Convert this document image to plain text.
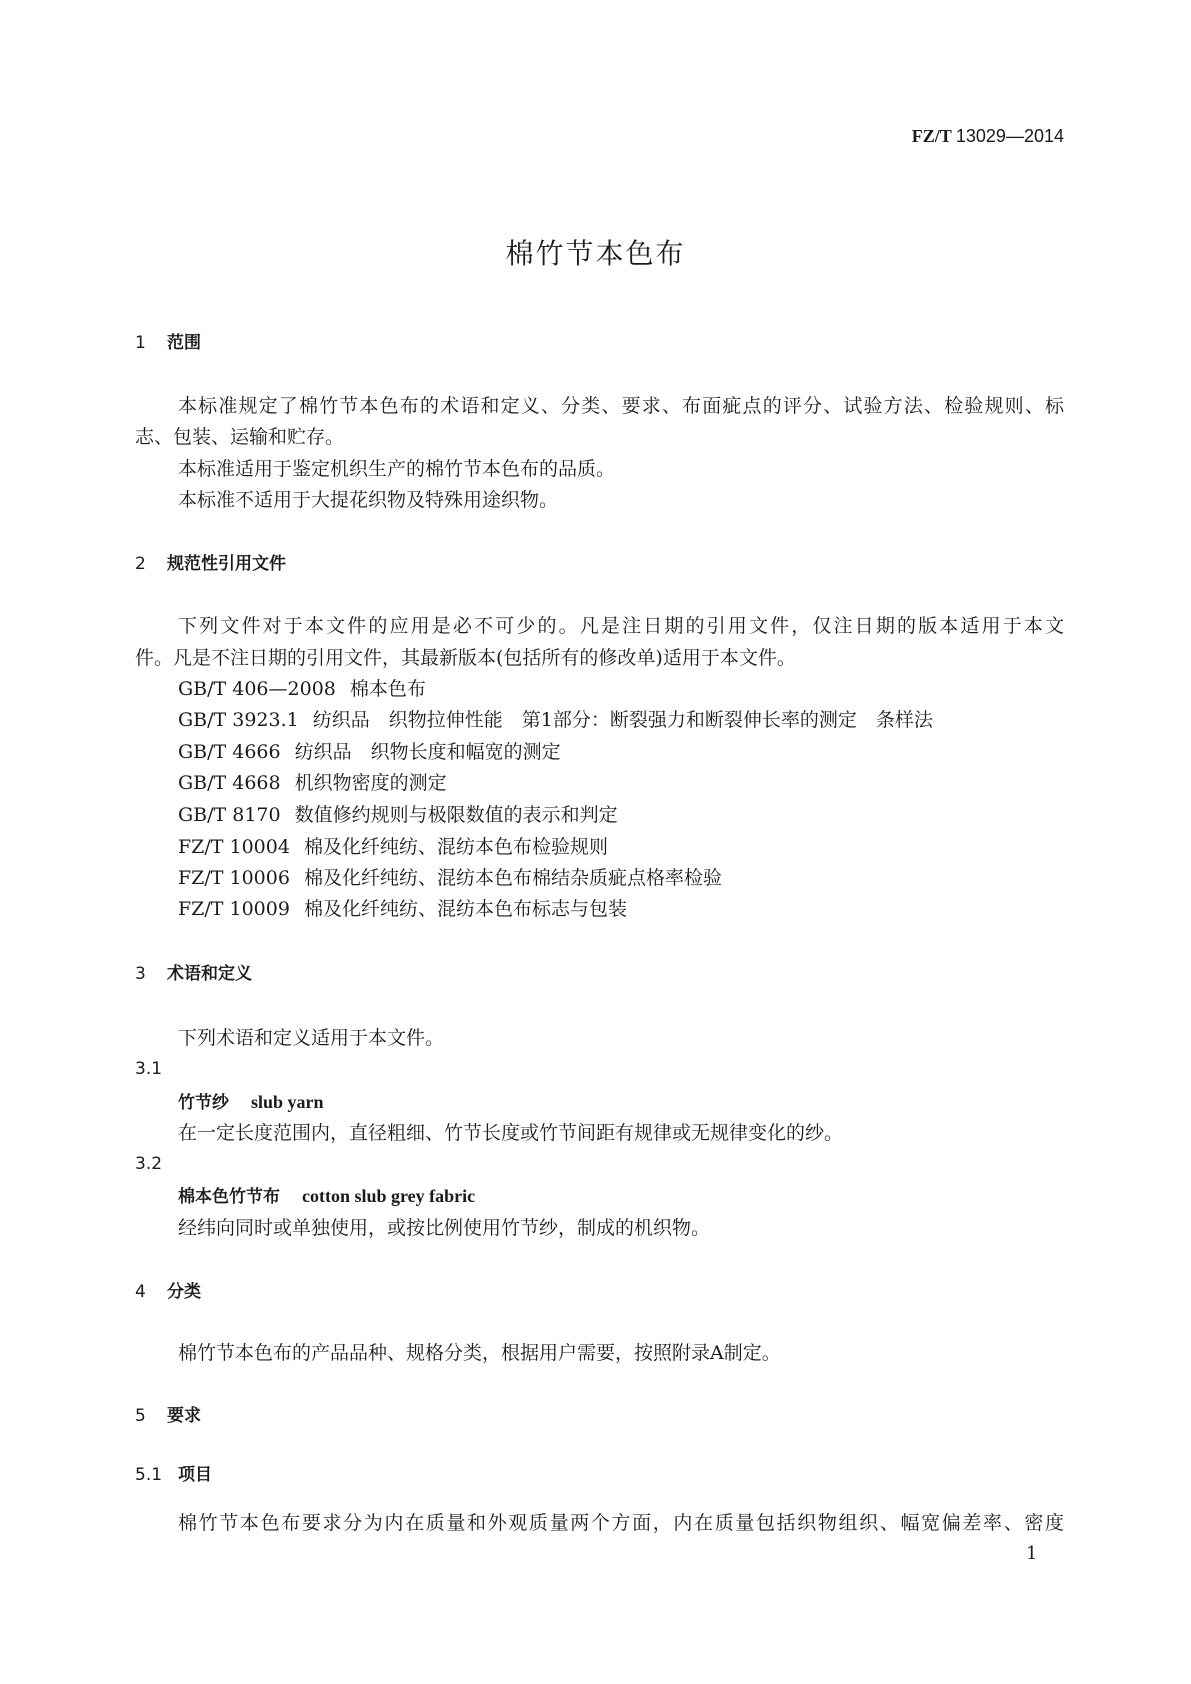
FZ/T 13029—2014
棉竹节本色布
1 范围
本标准规定了棉竹节本色布的术语和定义、分类、要求、布面疵点的评分、试验方法、检验规则、标
志、包装、运输和贮存。
本标准适用于鉴定机织生产的棉竹节本色布的品质。
本标准不适用于大提花织物及特殊用途织物。
2 规范性引用文件
下列文件对于本文件的应用是必不可少的。凡是注日期的引用文件，仅注日期的版本适用于本文
件。凡是不注日期的引用文件，其最新版本(包括所有的修改单)适用于本文件。
GB/T 406—2008 棉本色布
GB/T 3923.1 纺织品　织物拉伸性能　第1部分：断裂强力和断裂伸长率的测定　条样法
GB/T 4666 纺织品　织物长度和幅宽的测定
GB/T 4668 机织物密度的测定
GB/T 8170 数值修约规则与极限数值的表示和判定
FZ/T 10004 棉及化纤纯纺、混纺本色布检验规则
FZ/T 10006 棉及化纤纯纺、混纺本色布棉结杂质疵点格率检验
FZ/T 10009 棉及化纤纯纺、混纺本色布标志与包装
3 术语和定义
下列术语和定义适用于本文件。
3.1
竹节纱 slub yarn
在一定长度范围内，直径粗细、竹节长度或竹节间距有规律或无规律变化的纱。
3.2
棉本色竹节布 cotton slub grey fabric
经纬向同时或单独使用，或按比例使用竹节纱，制成的机织物。
4 分类
棉竹节本色布的产品品种、规格分类，根据用户需要，按照附录A制定。
5 要求
5.1 项目
棉竹节本色布要求分为内在质量和外观质量两个方面，内在质量包括织物组织、幅宽偏差率、密度
1
